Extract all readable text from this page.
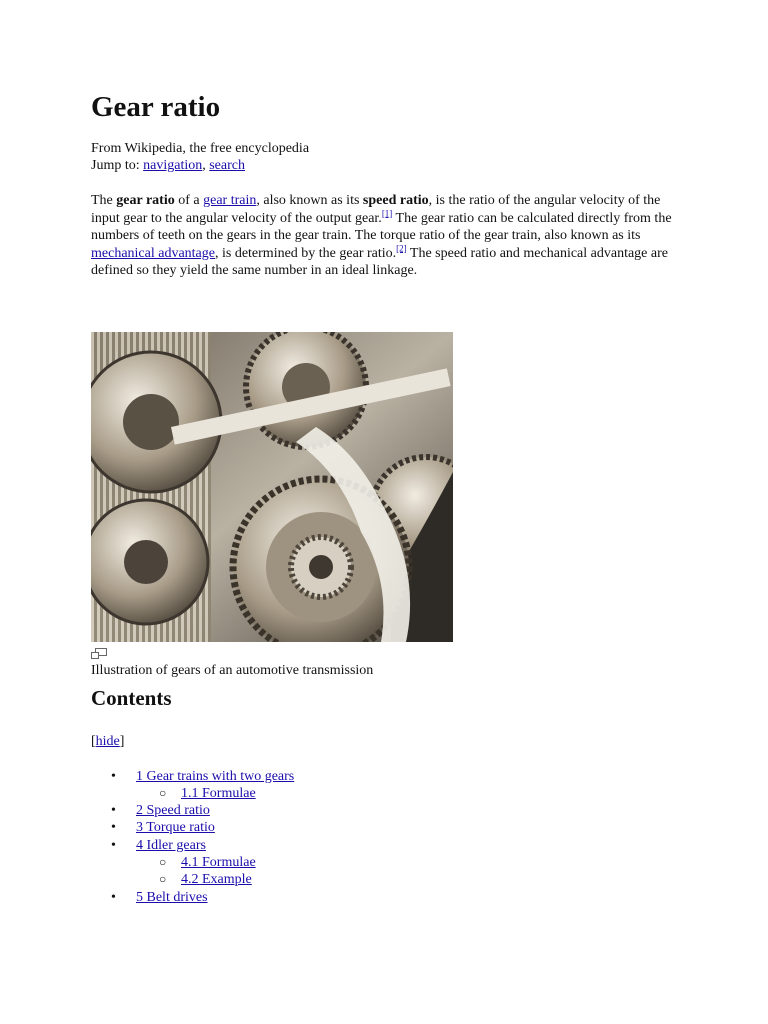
Gear ratio
From Wikipedia, the free encyclopedia
Jump to: navigation, search

The gear ratio of a gear train, also known as its speed ratio, is the ratio of the angular velocity of the input gear to the angular velocity of the output gear.[1] The gear ratio can be calculated directly from the numbers of teeth on the gears in the gear train. The torque ratio of the gear train, also known as its mechanical advantage, is determined by the gear ratio.[2] The speed ratio and mechanical advantage are defined so they yield the same number in an ideal linkage.

Illustration of gears of an automotive transmission
Contents
[hide]
• 1 Gear trains with two gears
○ 1.1 Formulae
• 2 Speed ratio
• 3 Torque ratio
• 4 Idler gears
○ 4.1 Formulae
○ 4.2 Example
• 5 Belt drives
